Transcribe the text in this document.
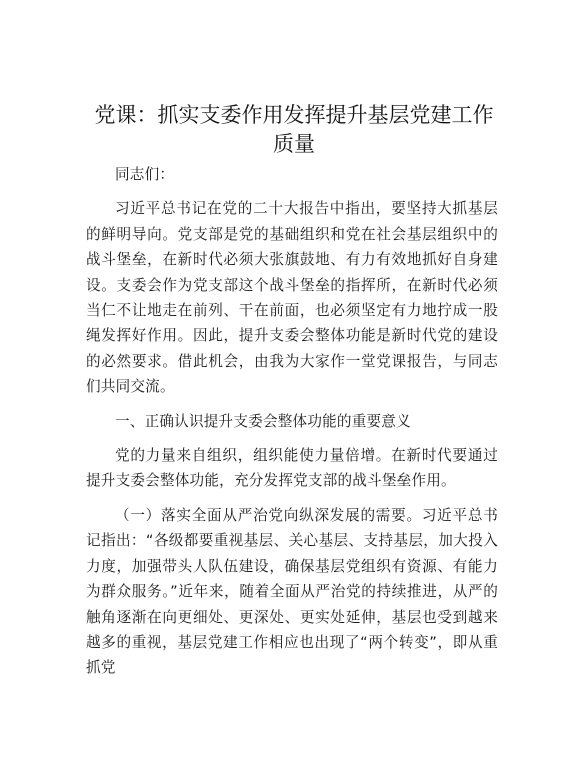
党课：抓实支委作用发挥提升基层党建工作质量

同志们：

习近平总书记在党的二十大报告中指出，要坚持大抓基层的鲜明导向。党支部是党的基础组织和党在社会基层组织中的战斗堡垒，在新时代必须大张旗鼓地、有力有效地抓好自身建设。支委会作为党支部这个战斗堡垒的指挥所，在新时代必须当仁不让地走在前列、干在前面，也必须坚定有力地拧成一股绳发挥好作用。因此，提升支委会整体功能是新时代党的建设的必然要求。借此机会，由我为大家作一堂党课报告，与同志们共同交流。

一、正确认识提升支委会整体功能的重要意义

党的力量来自组织，组织能使力量倍增。在新时代要通过提升支委会整体功能，充分发挥党支部的战斗堡垒作用。

（一）落实全面从严治党向纵深发展的需要。习近平总书记指出：“各级都要重视基层、关心基层、支持基层，加大投入力度，加强带头人队伍建设，确保基层党组织有资源、有能力为群众服务。”近年来，随着全面从严治党的持续推进，从严的触角逐渐在向更细处、更深处、更实处延伸，基层也受到越来越多的重视，基层党建工作相应也出现了“两个转变”，即从重抓党
